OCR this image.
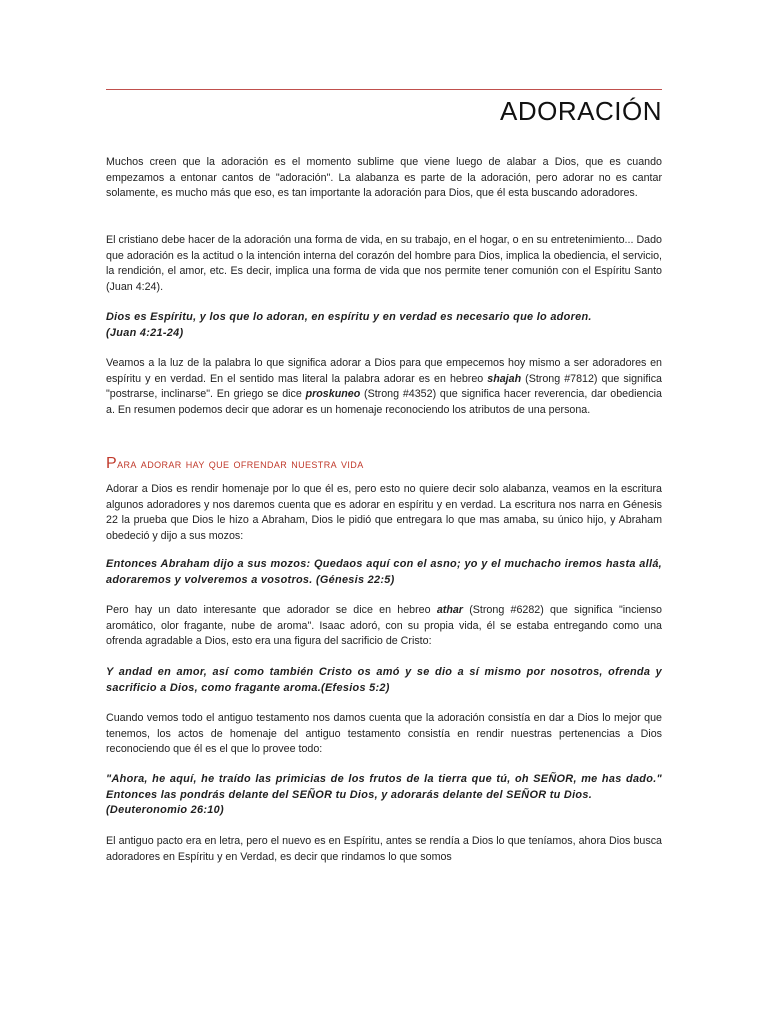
ADORACIÓN

Muchos creen que la adoración es el momento sublime que viene luego de alabar a Dios, que es cuando empezamos a entonar cantos de "adoración". La alabanza es parte de la adoración, pero adorar no es cantar solamente, es mucho más que eso, es tan importante la adoración para Dios, que él esta buscando adoradores.

El cristiano debe hacer de la adoración una forma de vida, en su trabajo, en el hogar, o en su entretenimiento... Dado que adoración es la actitud o la intención interna del corazón del hombre para Dios, implica la obediencia, el servicio, la rendición, el amor, etc. Es decir, implica una forma de vida que nos permite tener comunión con el Espíritu Santo (Juan 4:24).

Dios es Espíritu, y los que lo adoran, en espíritu y en verdad es necesario que lo adoren.
(Juan 4:21-24)

Veamos a la luz de la palabra lo que significa adorar a Dios para que empecemos hoy mismo a ser adoradores en espíritu y en verdad. En el sentido mas literal la palabra adorar es en hebreo shajah (Strong #7812) que significa "postrarse, inclinarse". En griego se dice proskuneo (Strong #4352) que significa hacer reverencia, dar obediencia a. En resumen podemos decir que adorar es un homenaje reconociendo los atributos de una persona.

Para adorar hay que ofrendar nuestra vida

Adorar a Dios es rendir homenaje por lo que él es, pero esto no quiere decir solo alabanza, veamos en la escritura algunos adoradores y nos daremos cuenta que es adorar en espíritu y en verdad. La escritura nos narra en Génesis 22 la prueba que Dios le hizo a Abraham, Dios le pidió que entregara lo que mas amaba, su único hijo, y Abraham obedeció y dijo a sus mozos:

Entonces Abraham dijo a sus mozos: Quedaos aquí con el asno; yo y el muchacho iremos hasta allá, adoraremos y volveremos a vosotros. (Génesis 22:5)

Pero hay un dato interesante que adorador se dice en hebreo athar (Strong #6282) que significa "incienso aromático, olor fragante, nube de aroma". Isaac adoró, con su propia vida, él se estaba entregando como una ofrenda agradable a Dios, esto era una figura del sacrificio de Cristo:

Y andad en amor, así como también Cristo os amó y se dio a sí mismo por nosotros, ofrenda y sacrificio a Dios, como fragante aroma.(Efesios 5:2)

Cuando vemos todo el antiguo testamento nos damos cuenta que la adoración consistía en dar a Dios lo mejor que tenemos, los actos de homenaje del antiguo testamento consistía en rendir nuestras pertenencias a Dios reconociendo que él es el que lo provee todo:

"Ahora, he aquí, he traído las primicias de los frutos de la tierra que tú, oh SEÑOR, me has dado." Entonces las pondrás delante del SEÑOR tu Dios, y adorarás delante del SEÑOR tu Dios.
(Deuteronomio 26:10)

El antiguo pacto era en letra, pero el nuevo es en Espíritu, antes se rendía a Dios lo que teníamos, ahora Dios busca adoradores en Espíritu y en Verdad, es decir que rindamos lo que somos
